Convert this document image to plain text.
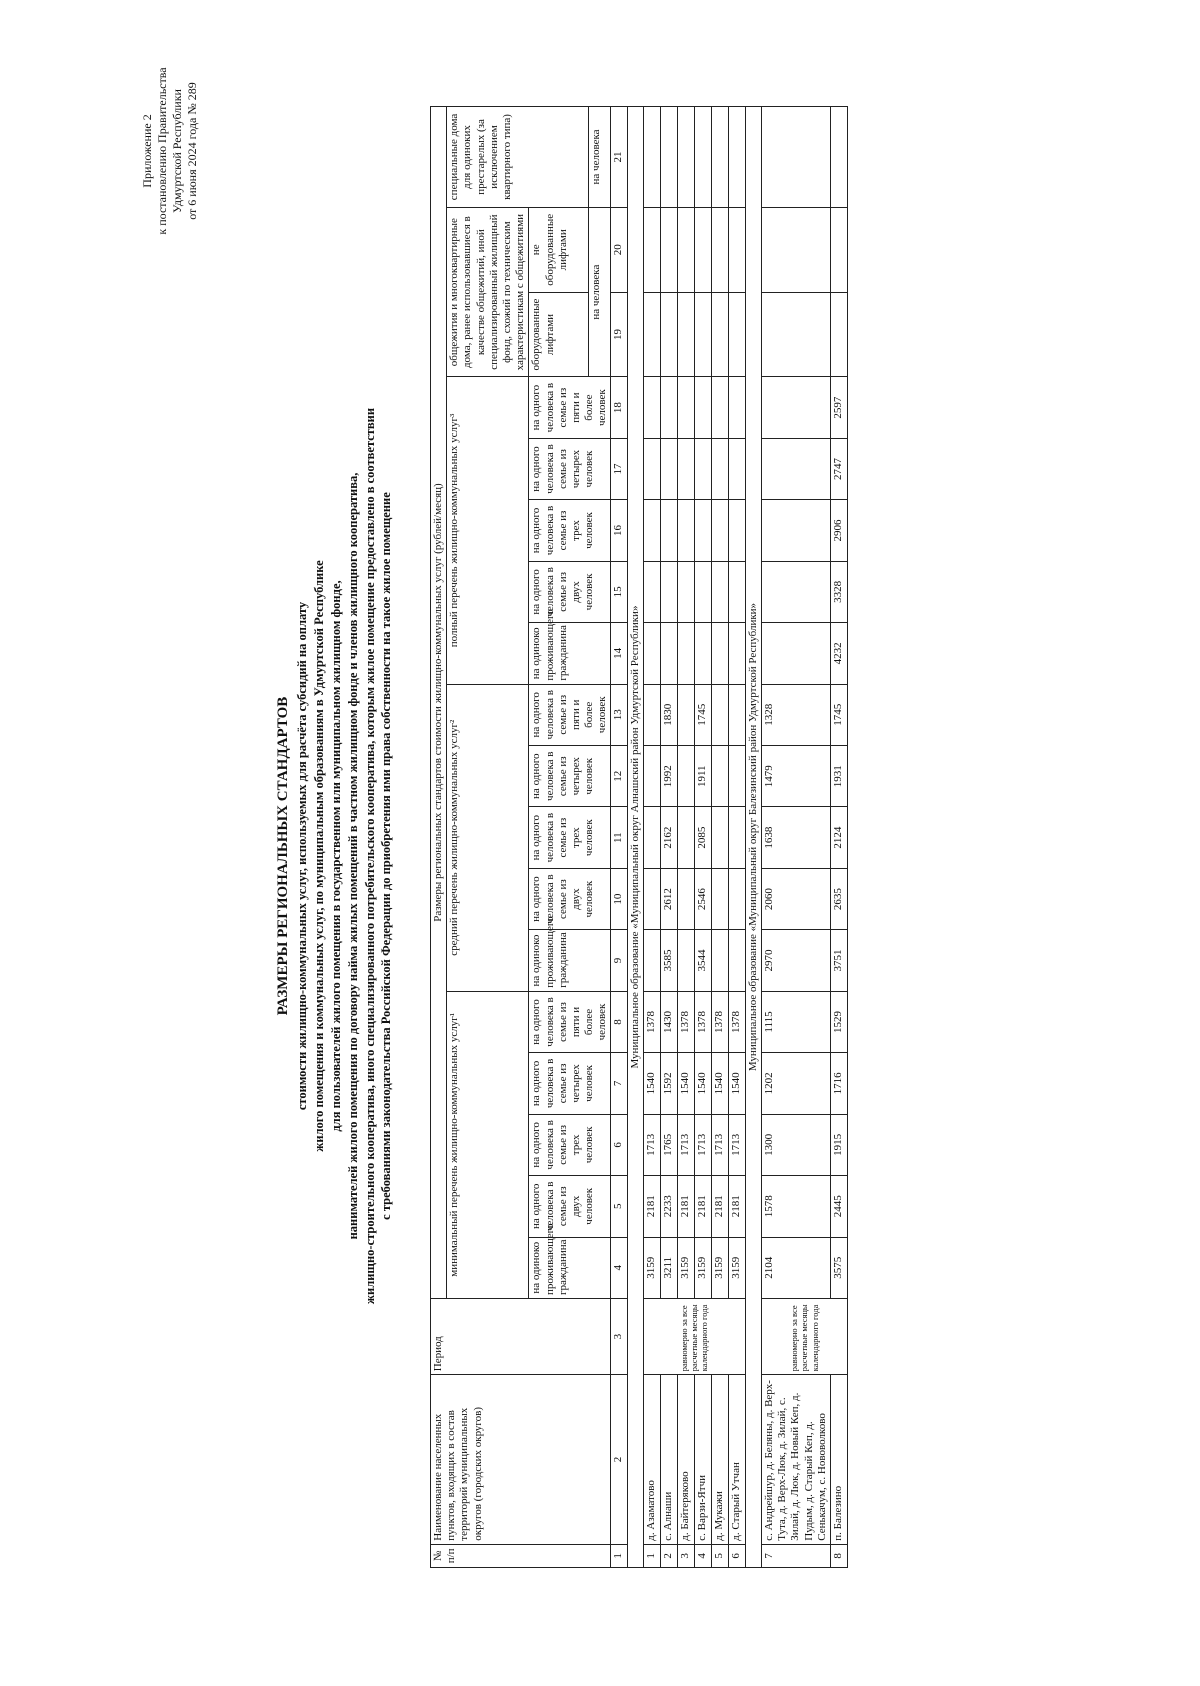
Приложение 2 к постановлению Правительства Удмуртской Республики от 6 июня 2024 года № 289
РАЗМЕРЫ РЕГИОНАЛЬНЫХ СТАНДАРТОВ стоимости жилищно-коммунальных услуг, используемых для расчёта субсидий на оплату жилого помещения и коммунальных услуг, по муниципальным образованиям в Удмуртской Республике для пользователей жилого помещения в государственном или муниципальном жилищном фонде, нанимателей жилого помещения по договору найма жилых помещений в частном жилищном фонде и членов жилищного кооператива, жилищно-строительного кооператива, иного специализированного потребительского кооператива, которым жилое помещение предоставлено в соответствии с требованиями законодательства Российской Федерации до приобретения ими права собственности на такое жилое помещение
№ п/п	Наименование населенных пунктов, входящих в состав территорий муниципальных округов (городских округов)	Период	Размеры региональных стандартов стоимости жилищно-коммунальных услуг (рублей/месяц)																	
			минимальный перечень жилищно-коммунальных услуг¹					средний перечень жилищно-коммунальных услуг²					полный перечень жилищно-коммунальных услуг³					общежития и многоквартирные дома, ранее использовавшиеся в качестве общежитий, иной специализированный жилищный фонд, схожий по техническим характеристикам с общежитиями		специальные дома для одиноких престарелых (за исключением квартирного типа)
			на одиноко проживающего гражданина	на одного человека в семье из двух человек	на одного человека в семье из трех человек	на одного человека в семье из четырех человек	на одного человека в семье из пяти и более человек	на одиноко проживающего гражданина	на одного человека в семье из двух человек	на одного человека в семье из трех человек	на одного человека в семье из четырех человек	на одного человека в семье из пяти и более человек	на одиноко проживающего гражданина	на одного человека в семье из двух человек	на одного человека в семье из трех человек	на одного человека в семье из четырех человек	на одного человека в семье из пяти и более человек	оборудованные лифтами	не оборудованные лифтами	
																		на человека		на человека
1	2	3	4	5	6	7	8	9	10	11	12	13	14	15	16	17	18	19	20	21
Муниципальное образование «Муниципальный округ Алнашский район Удмуртской Республики»																				
1	д. Азаматово	равномерно за все расчетные месяцы календарного года	3159	2181	1713	1540	1378													
2	с. Алнаши		3211	2233	1765	1592	1430	3585	2612	2162	1992	1830								
3	д. Байтеряково		3159	2181	1713	1540	1378													
4	с. Варзи-Ятчи		3159	2181	1713	1540	1378	3544	2546	2085	1911	1745								
5	д. Мукажи		3159	2181	1713	1540	1378													
6	д. Старый Утчан		3159	2181	1713	1540	1378													
Муниципальное образование «Муниципальный округ Балезинский район Удмуртской Республики»																				
7	с. Андрейшур, д. Беляны, д. Верх-Тута, д. Верх-Люк, д. Зилай, с. Зилай, д. Люк, д. Новый Кеп, д. Пудым, д. Старый Кеп, д. Сенькачум, с. Нововолково	равномерно за все расчетные месяцы календарного года	2104	1578	1300	1202	1115	2970	2060	1638	1479	1328								
8	п. Балезино		3575	2445	1915	1716	1529	3751	2635	2124	1931	1745	4232	3328	2906	2747	2597			
